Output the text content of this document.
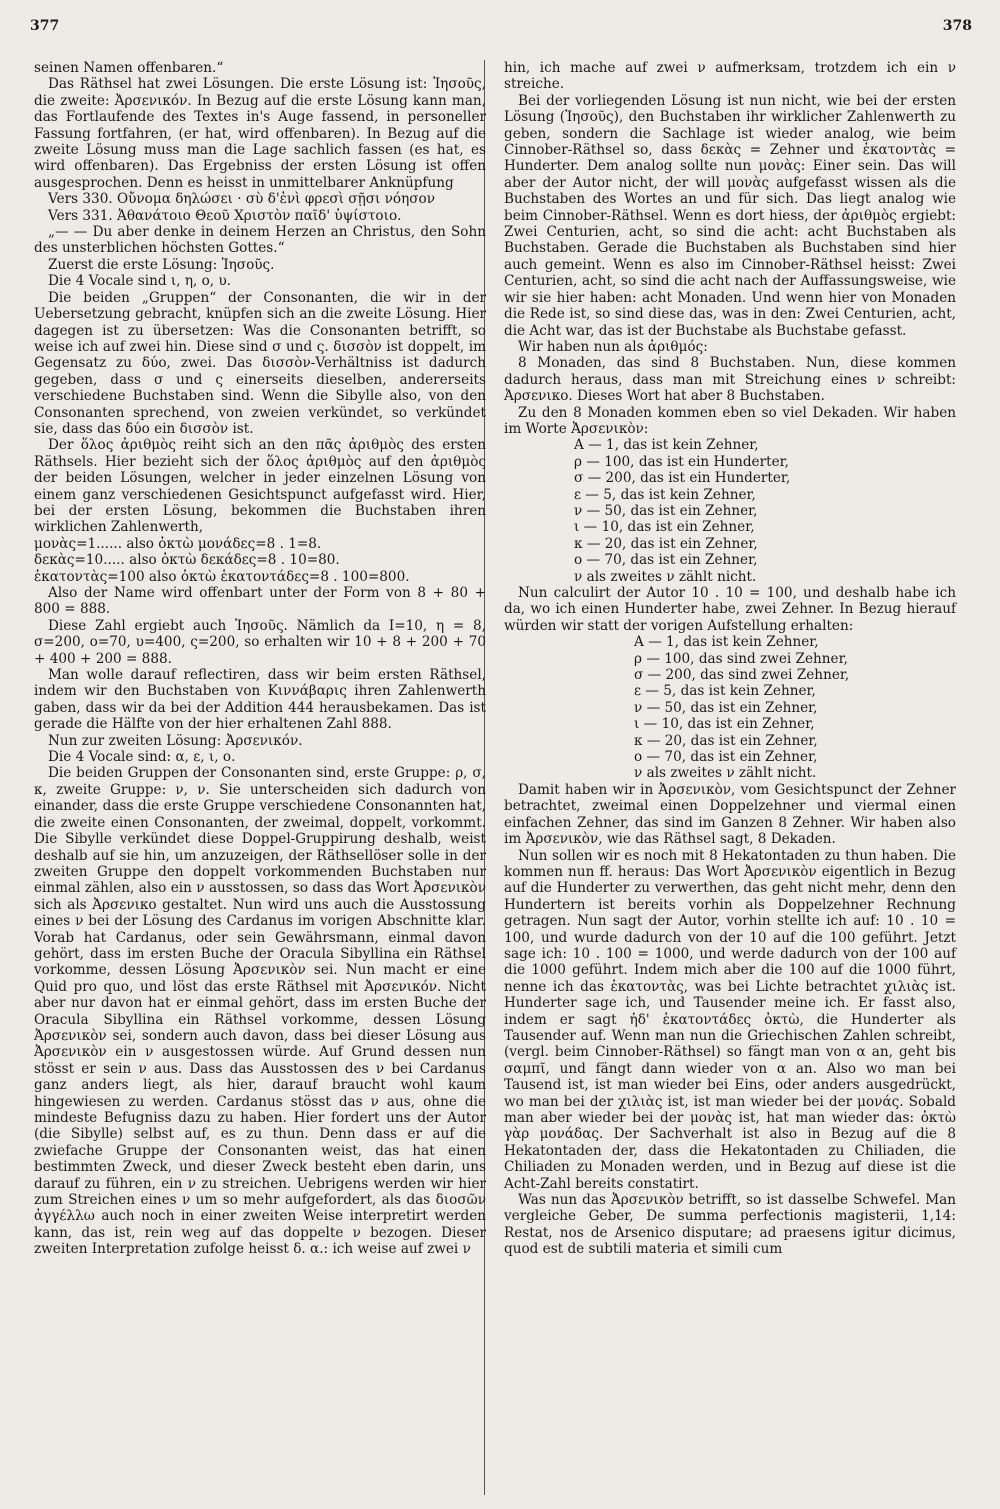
377	378

seinen Namen offenbaren.“

Das Räthsel hat zwei Lösungen. Die erste Lösung ist: Ἰησοῦς, die zweite: Ἀρσενικόν. In Bezug auf die erste Lösung kann man, das Fortlaufende des Textes in's Auge fassend, in personeller Fassung fortfahren, (er hat, wird offenbaren). In Bezug auf die zweite Lösung muss man die Lage sachlich fassen (es hat, es wird offenbaren). Das Ergebniss der ersten Lösung ist offen ausgesprochen. Denn es heisst in unmittelbarer Anknüpfung

Vers 330. Οὔνομα δηλώσει · σὺ δ'ἐνὶ φρεσὶ σῇσι νόησον

Vers 331. Ἀθανάτοιο Θεοῦ Χριστὸν παῖδ' ὑψίστοιο.

„— — Du aber denke in deinem Herzen an Christus, den Sohn des unsterblichen höchsten Gottes.“

Zuerst die erste Lösung: Ἰησοῦς.

Die 4 Vocale sind ι, η, ο, υ.

Die beiden „Gruppen“ der Consonanten, die wir in der Uebersetzung gebracht, knüpfen sich an die zweite Lösung. Hier dagegen ist zu übersetzen: Was die Consonanten betrifft, so weise ich auf zwei hin. Diese sind σ und ς. δισσὸν ist doppelt, im Gegensatz zu δύο, zwei. Das δισσὸν-Verhältniss ist dadurch gegeben, dass σ und ς einerseits dieselben, andererseits verschiedene Buchstaben sind. Wenn die Sibylle also, von den Consonanten sprechend, von zweien verkündet, so verkündet sie, dass das δύο ein δισσὸν ist.

Der ὅλος ἀριθμὸς reiht sich an den πᾶς ἀριθμὸς des ersten Räthsels. Hier bezieht sich der ὅλος ἀριθμὸς auf den ἀριθμὸς der beiden Lösungen, welcher in jeder einzelnen Lösung von einem ganz verschiedenen Gesichtspunct aufgefasst wird. Hier, bei der ersten Lösung, bekommen die Buchstaben ihren wirklichen Zahlenwerth,

μονὰς=1...... also ὀκτὼ μονάδες=8 . 1=8.

δεκὰς=10..... also ὀκτὼ δεκάδες=8 . 10=80.

ἑκατοντὰς=100 also ὀκτὼ ἑκατοντάδες=8 . 100=800.

Also der Name wird offenbart unter der Form von 8 + 80 + 800 = 888.

Diese Zahl ergiebt auch Ἰησοῦς. Nämlich da I=10, η = 8, σ=200, ο=70, υ=400, ς=200, so erhalten wir 10 + 8 + 200 + 70 + 400 + 200 = 888.

Man wolle darauf reflectiren, dass wir beim ersten Räthsel, indem wir den Buchstaben von Κιννάβαρις ihren Zahlenwerth gaben, dass wir da bei der Addition 444 herausbekamen. Das ist gerade die Hälfte von der hier erhaltenen Zahl 888.

Nun zur zweiten Lösung: Ἀρσενικόν.

Die 4 Vocale sind: α, ε, ι, ο.

Die beiden Gruppen der Consonanten sind, erste Gruppe: ρ, σ, κ, zweite Gruppe: ν, ν. Sie unterscheiden sich dadurch von einander, dass die erste Gruppe verschiedene Consonannten hat, die zweite einen Consonanten, der zweimal, doppelt, vorkommt. Die Sibylle verkündet diese Doppel-Gruppirung deshalb, weist deshalb auf sie hin, um anzuzeigen, der Räthsellöser solle in der zweiten Gruppe den doppelt vorkommenden Buchstaben nur einmal zählen, also ein ν ausstossen, so dass das Wort Ἀρσενικὸν sich als Ἀρσενικο gestaltet. Nun wird uns auch die Ausstossung eines ν bei der Lösung des Cardanus im vorigen Abschnitte klar. Vorab hat Cardanus, oder sein Gewährsmann, einmal davon gehört, dass im ersten Buche der Oracula Sibyllina ein Räthsel vorkomme, dessen Lösung Ἀρσενικὸν sei. Nun macht er eine Quid pro quo, und löst das erste Räthsel mit Ἀρσενικόν. Nicht aber nur davon hat er einmal gehört, dass im ersten Buche der Oracula Sibyllina ein Räthsel vorkomme, dessen Lösung Ἀρσενικὸν sei, sondern auch davon, dass bei dieser Lösung aus Ἀρσενικὸν ein ν ausgestossen würde. Auf Grund dessen nun stösst er sein ν aus. Dass das Ausstossen des ν bei Cardanus ganz anders liegt, als hier, darauf braucht wohl kaum hingewiesen zu werden. Cardanus stösst das ν aus, ohne die mindeste Befugniss dazu zu haben. Hier fordert uns der Autor (die Sibylle) selbst auf, es zu thun. Denn dass er auf die zwiefache Gruppe der Consonanten weist, das hat einen bestimmten Zweck, und dieser Zweck besteht eben darin, uns darauf zu führen, ein ν zu streichen. Uebrigens werden wir hier zum Streichen eines ν um so mehr aufgefordert, als das διοσῶν ἀγγέλλω auch noch in einer zweiten Weise interpretirt werden kann, das ist, rein weg auf das doppelte ν bezogen. Dieser zweiten Interpretation zufolge heisst δ. α.: ich weise auf zwei ν

hin, ich mache auf zwei ν aufmerksam, trotzdem ich ein ν streiche.

Bei der vorliegenden Lösung ist nun nicht, wie bei der ersten Lösung (Ἰησοῦς), den Buchstaben ihr wirklicher Zahlenwerth zu geben, sondern die Sachlage ist wieder analog, wie beim Cinnober-Räthsel so, dass δεκὰς = Zehner und ἑκατοντὰς = Hunderter. Dem analog sollte nun μονὰς: Einer sein. Das will aber der Autor nicht, der will μονὰς aufgefasst wissen als die Buchstaben des Wortes an und für sich. Das liegt analog wie beim Cinnober-Räthsel. Wenn es dort hiess, der ἀριθμὸς ergiebt: Zwei Centurien, acht, so sind die acht: acht Buchstaben als Buchstaben. Gerade die Buchstaben als Buchstaben sind hier auch gemeint. Wenn es also im Cinnober-Räthsel heisst: Zwei Centurien, acht, so sind die acht nach der Auffassungsweise, wie wir sie hier haben: acht Monaden. Und wenn hier von Monaden die Rede ist, so sind diese das, was in den: Zwei Centurien, acht, die Acht war, das ist der Buchstabe als Buchstabe gefasst.

Wir haben nun als ἀριθμός:

8 Monaden, das sind 8 Buchstaben. Nun, diese kommen dadurch heraus, dass man mit Streichung eines ν schreibt: Ἀρσενικο. Dieses Wort hat aber 8 Buchstaben.

Zu den 8 Monaden kommen eben so viel Dekaden. Wir haben im Worte Ἀρσενικὸν:

Α — 1, das ist kein Zehner,

ρ — 100, das ist ein Hunderter,

σ — 200, das ist ein Hunderter,

ε — 5, das ist kein Zehner,

ν — 50, das ist ein Zehner,

ι — 10, das ist ein Zehner,

κ — 20, das ist ein Zehner,

ο — 70, das ist ein Zehner,

ν als zweites ν zählt nicht.

Nun calculirt der Autor 10 . 10 = 100, und deshalb habe ich da, wo ich einen Hunderter habe, zwei Zehner. In Bezug hierauf würden wir statt der vorigen Aufstellung erhalten:

Α — 1, das ist kein Zehner,

ρ — 100, das sind zwei Zehner,

σ — 200, das sind zwei Zehner,

ε — 5, das ist kein Zehner,

ν — 50, das ist ein Zehner,

ι — 10, das ist ein Zehner,

κ — 20, das ist ein Zehner,

ο — 70, das ist ein Zehner,

ν als zweites ν zählt nicht.

Damit haben wir in Ἀρσενικὸν, vom Gesichtspunct der Zehner betrachtet, zweimal einen Doppelzehner und viermal einen einfachen Zehner, das sind im Ganzen 8 Zehner. Wir haben also im Ἀρσενικὸν, wie das Räthsel sagt, 8 Dekaden.

Nun sollen wir es noch mit 8 Hekatontaden zu thun haben. Die kommen nun ff. heraus: Das Wort Ἀρσενικὸν eigentlich in Bezug auf die Hunderter zu verwerthen, das geht nicht mehr, denn den Hundertern ist bereits vorhin als Doppelzehner Rechnung getragen. Nun sagt der Autor, vorhin stellte ich auf: 10 . 10 = 100, und wurde dadurch von der 10 auf die 100 geführt. Jetzt sage ich: 10 . 100 = 1000, und werde dadurch von der 100 auf die 1000 geführt. Indem mich aber die 100 auf die 1000 führt, nenne ich das ἑκατοντὰς, was bei Lichte betrachtet χιλιὰς ist. Hunderter sage ich, und Tausender meine ich. Er fasst also, indem er sagt ἠδ' ἑκατοντάδες ὀκτὼ, die Hunderter als Tausender auf. Wenn man nun die Griechischen Zahlen schreibt, (vergl. beim Cinnober-Räthsel) so fängt man von α an, geht bis σαμπῖ, und fängt dann wieder von α an. Also wo man bei Tausend ist, ist man wieder bei Eins, oder anders ausgedrückt, wo man bei der χιλιὰς ist, ist man wieder bei der μονάς. Sobald man aber wieder bei der μονὰς ist, hat man wieder das: ὀκτὼ γὰρ μονάδας. Der Sachverhalt ist also in Bezug auf die 8 Hekatontaden der, dass die Hekatontaden zu Chiliaden, die Chiliaden zu Monaden werden, und in Bezug auf diese ist die Acht-Zahl bereits constatirt.

Was nun das Ἀρσενικὸν betrifft, so ist dasselbe Schwefel. Man vergleiche Geber, De summa perfectionis magisterii, 1,14: Restat, nos de Arsenico disputare; ad praesens igitur dicimus, quod est de subtili materia et simili cum
